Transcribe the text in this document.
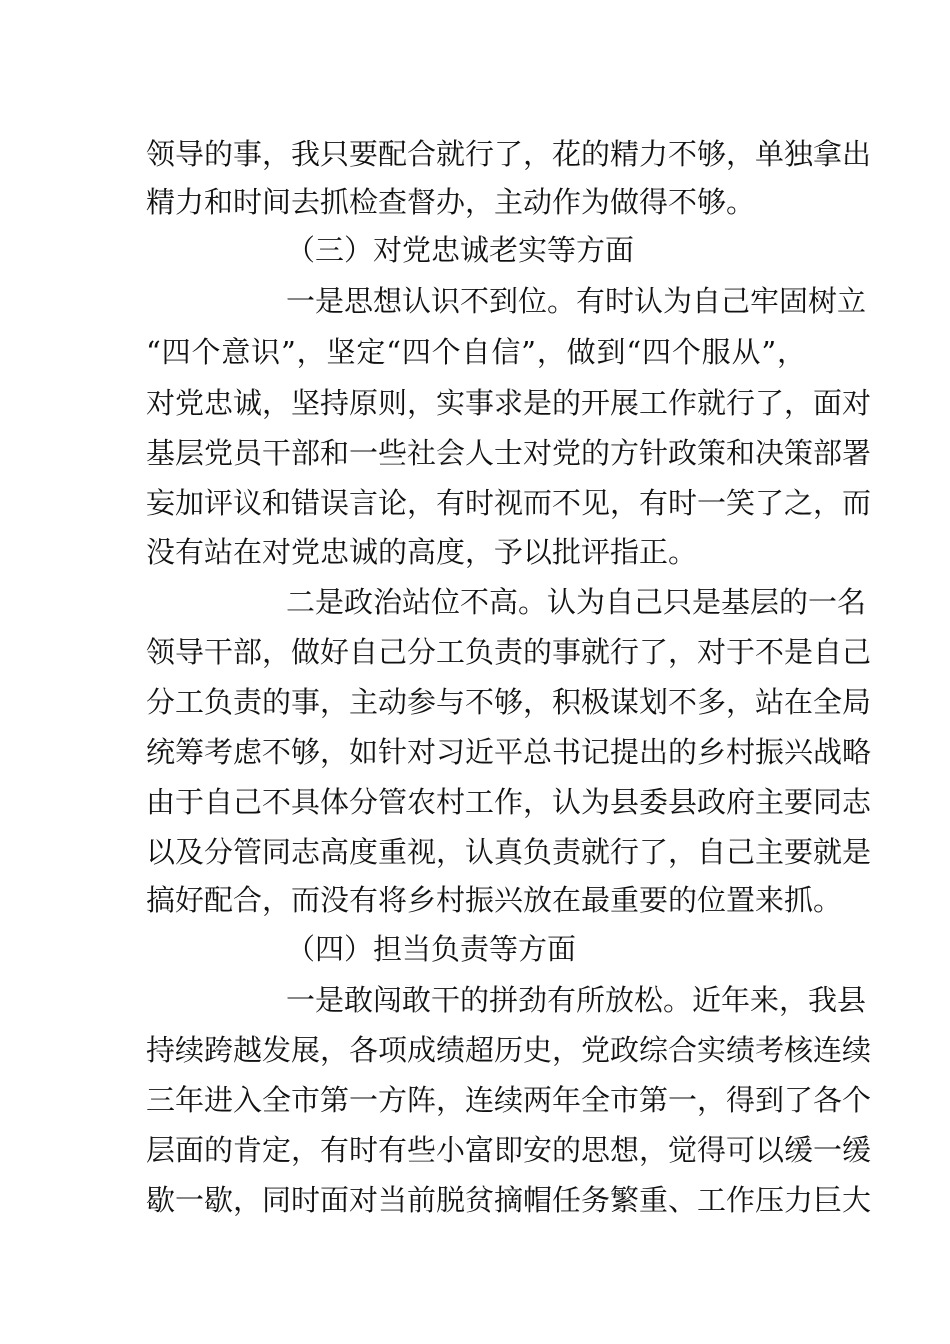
领导的事，我只要配合就行了，花的精力不够，单独拿出
精力和时间去抓检查督办，主动作为做得不够。
（三）对党忠诚老实等方面
一是思想认识不到位。有时认为自己牢固树立
“四个意识”，坚定“四个自信”，做到“四个服从”，
对党忠诚，坚持原则，实事求是的开展工作就行了，面对
基层党员干部和一些社会人士对党的方针政策和决策部署
妄加评议和错误言论，有时视而不见，有时一笑了之，而
没有站在对党忠诚的高度，予以批评指正。
二是政治站位不高。认为自己只是基层的一名
领导干部，做好自己分工负责的事就行了，对于不是自己
分工负责的事，主动参与不够，积极谋划不多，站在全局
统筹考虑不够，如针对习近平总书记提出的乡村振兴战略
由于自己不具体分管农村工作，认为县委县政府主要同志
以及分管同志高度重视，认真负责就行了，自己主要就是
搞好配合，而没有将乡村振兴放在最重要的位置来抓。
（四）担当负责等方面
一是敢闯敢干的拼劲有所放松。近年来，我县
持续跨越发展，各项成绩超历史，党政综合实绩考核连续
三年进入全市第一方阵，连续两年全市第一，得到了各个
层面的肯定，有时有些小富即安的思想，觉得可以缓一缓
歇一歇，同时面对当前脱贫摘帽任务繁重、工作压力巨大
